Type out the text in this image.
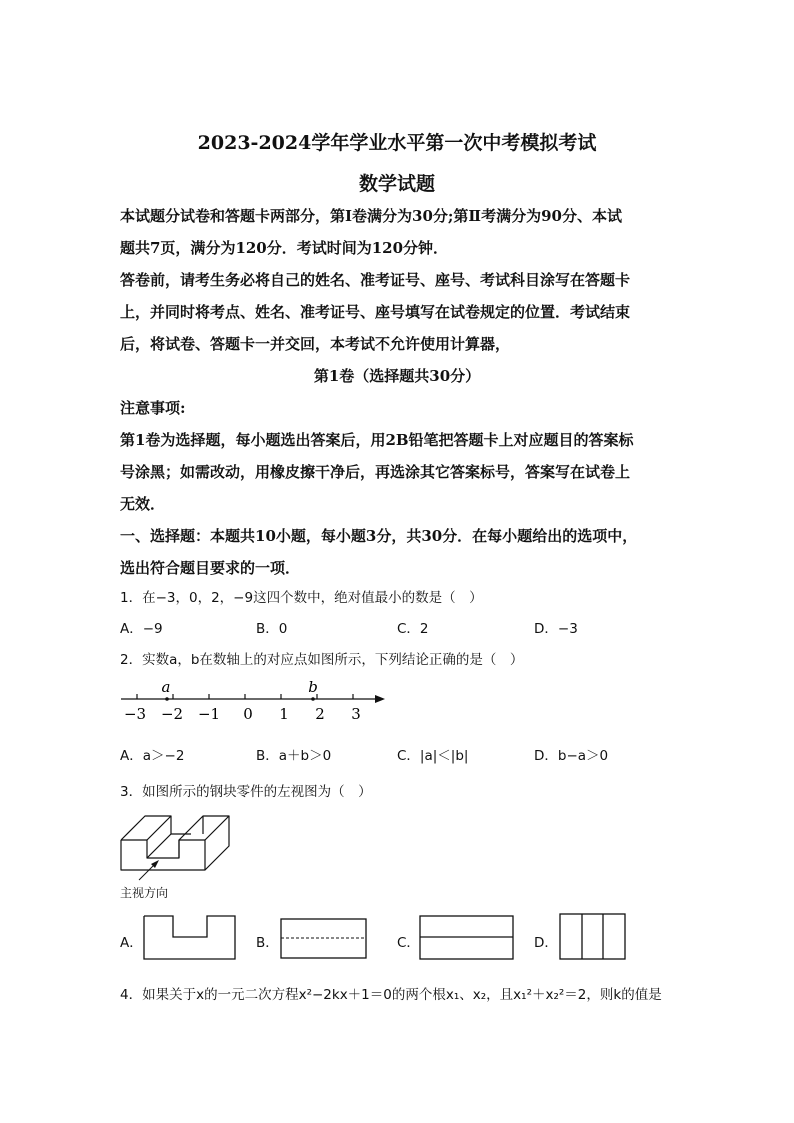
2023-2024学年学业水平第一次中考模拟考试
数学试题
本试题分试卷和答题卡两部分，第Ⅰ卷满分为30分;第Ⅱ考满分为90分、本试
题共7页，满分为120分．考试时间为120分钟．
答卷前，请考生务必将自己的姓名、准考证号、座号、考试科目涂写在答题卡
上，并同时将考点、姓名、准考证号、座号填写在试卷规定的位置．考试结束
后，将试卷、答题卡一并交回，本考试不允许使用计算器，
第1卷（选择题共30分）
注意事项:
第1卷为选择题，每小题选出答案后，用2B铅笔把答题卡上对应题目的答案标
号涂黑；如需改动，用橡皮擦干净后，再选涂其它答案标号，答案写在试卷上
无效．
一、选择题：本题共10小题，每小题3分，共30分．在每小题给出的选项中，
选出符合题目要求的一项．
1．在−3，0，2，−9这四个数中，绝对值最小的数是（　）
A．−9	B．0	C．2	D．−3
2．实数a，b在数轴上的对应点如图所示，下列结论正确的是（　）
a	b
−3 −2 −1 0 1 2 3
A．a＞−2	B．a＋b＞0	C．|a|＜|b|	D．b−a＞0
3．如图所示的钢块零件的左视图为（　）
主视方向
A．	B．	C．	D．
4．如果关于x的一元二次方程x²−2kx＋1＝0的两个根x₁、x₂，且x₁²＋x₂²＝2，则k的值是
